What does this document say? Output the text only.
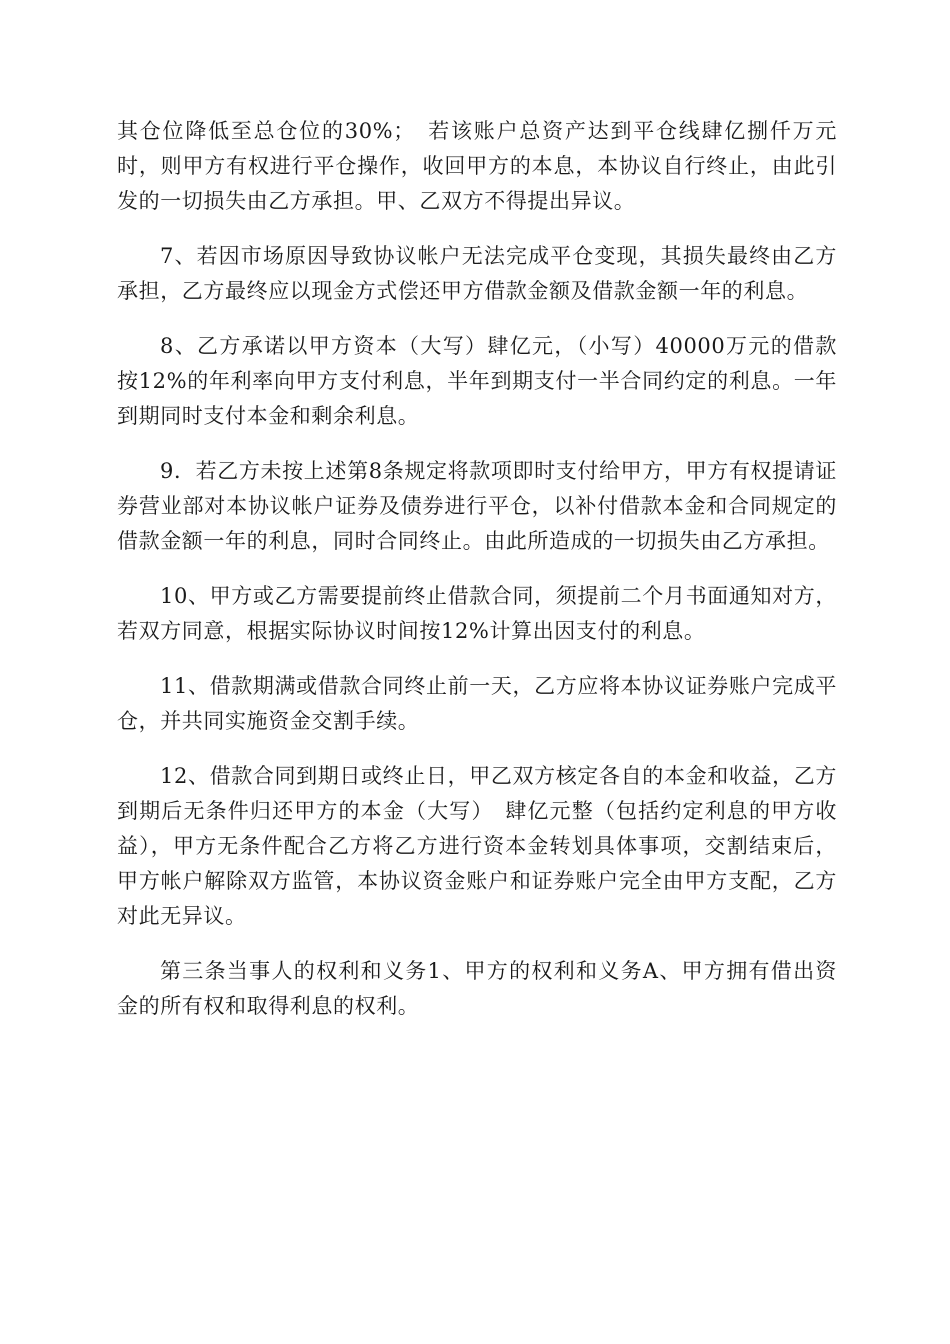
其仓位降低至总仓位的30%；　若该账户总资产达到平仓线肆亿捌仟万元时，则甲方有权进行平仓操作，收回甲方的本息，本协议自行终止，由此引发的一切损失由乙方承担。甲、乙双方不得提出异议。

7、若因市场原因导致协议帐户无法完成平仓变现，其损失最终由乙方承担，乙方最终应以现金方式偿还甲方借款金额及借款金额一年的利息。

8、乙方承诺以甲方资本（大写）肆亿元，（小写）40000万元的借款按12%的年利率向甲方支付利息，半年到期支付一半合同约定的利息。一年到期同时支付本金和剩余利息。

9．若乙方未按上述第8条规定将款项即时支付给甲方，甲方有权提请证券营业部对本协议帐户证券及债券进行平仓，以补付借款本金和合同规定的借款金额一年的利息，同时合同终止。由此所造成的一切损失由乙方承担。

10、甲方或乙方需要提前终止借款合同，须提前二个月书面通知对方，若双方同意，根据实际协议时间按12%计算出因支付的利息。

11、借款期满或借款合同终止前一天，乙方应将本协议证券账户完成平仓，并共同实施资金交割手续。

12、借款合同到期日或终止日，甲乙双方核定各自的本金和收益，乙方到期后无条件归还甲方的本金（大写）　肆亿元整（包括约定利息的甲方收益），甲方无条件配合乙方将乙方进行资本金转划具体事项，交割结束后，甲方帐户解除双方监管，本协议资金账户和证券账户完全由甲方支配，乙方对此无异议。

第三条当事人的权利和义务1、甲方的权利和义务A、甲方拥有借出资金的所有权和取得利息的权利。
